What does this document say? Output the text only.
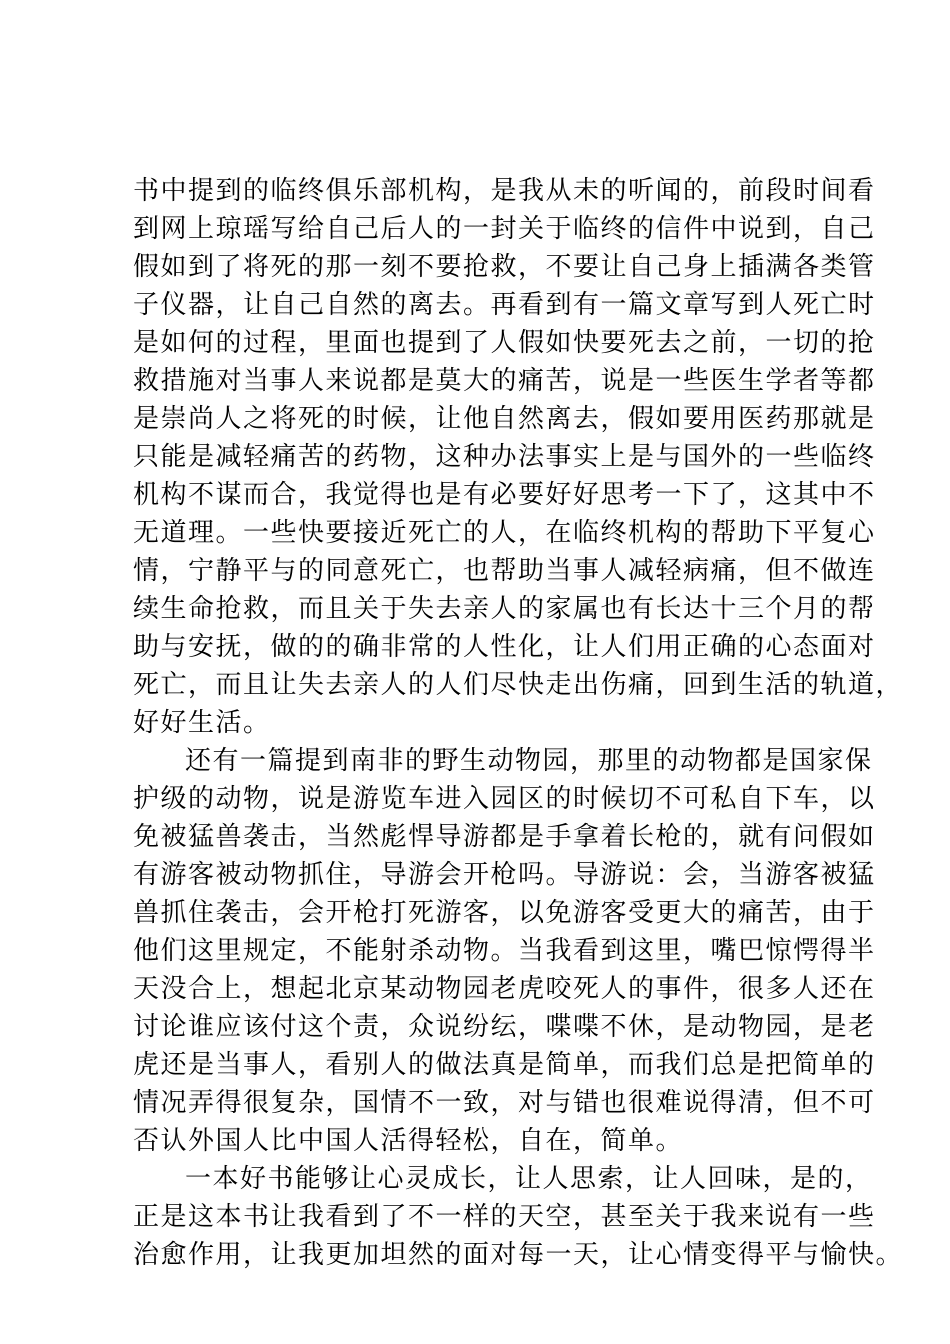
书中提到的临终俱乐部机构，是我从未的听闻的，前段时间看
到网上琼瑶写给自己后人的一封关于临终的信件中说到，自己
假如到了将死的那一刻不要抢救，不要让自己身上插满各类管
子仪器，让自己自然的离去。再看到有一篇文章写到人死亡时
是如何的过程，里面也提到了人假如快要死去之前，一切的抢
救措施对当事人来说都是莫大的痛苦，说是一些医生学者等都
是崇尚人之将死的时候，让他自然离去，假如要用医药那就是
只能是减轻痛苦的药物，这种办法事实上是与国外的一些临终
机构不谋而合，我觉得也是有必要好好思考一下了，这其中不
无道理。一些快要接近死亡的人，在临终机构的帮助下平复心
情，宁静平与的同意死亡，也帮助当事人减轻病痛，但不做连
续生命抢救，而且关于失去亲人的家属也有长达十三个月的帮
助与安抚，做的的确非常的人性化，让人们用正确的心态面对
死亡，而且让失去亲人的人们尽快走出伤痛，回到生活的轨道，
好好生活。
还有一篇提到南非的野生动物园，那里的动物都是国家保
护级的动物，说是游览车进入园区的时候切不可私自下车，以
免被猛兽袭击，当然彪悍导游都是手拿着长枪的，就有问假如
有游客被动物抓住，导游会开枪吗。导游说：会，当游客被猛
兽抓住袭击，会开枪打死游客，以免游客受更大的痛苦，由于
他们这里规定，不能射杀动物。当我看到这里，嘴巴惊愕得半
天没合上，想起北京某动物园老虎咬死人的事件，很多人还在
讨论谁应该付这个责，众说纷纭，喋喋不休，是动物园，是老
虎还是当事人，看别人的做法真是简单，而我们总是把简单的
情况弄得很复杂，国情不一致，对与错也很难说得清，但不可
否认外国人比中国人活得轻松，自在，简单。
一本好书能够让心灵成长，让人思索，让人回味，是的，
正是这本书让我看到了不一样的天空，甚至关于我来说有一些
治愈作用，让我更加坦然的面对每一天，让心情变得平与愉快。
